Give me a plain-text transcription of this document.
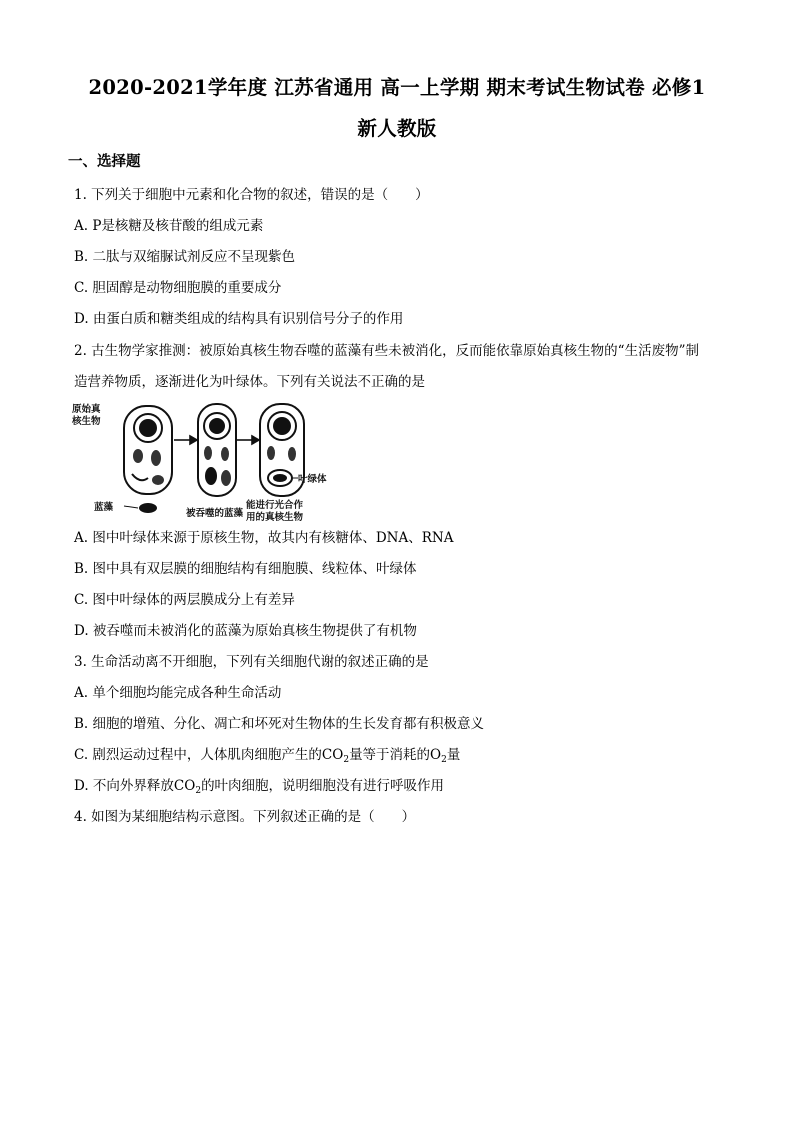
2020-2021学年度 江苏省通用 高一上学期 期末考试生物试卷 必修1
新人教版
一、选择题
1. 下列关于细胞中元素和化合物的叙述，错误的是（　　）
A. P是核糖及核苷酸的组成元素
B. 二肽与双缩脲试剂反应不呈现紫色
C. 胆固醇是动物细胞膜的重要成分
D. 由蛋白质和糖类组成的结构具有识别信号分子的作用
2. 古生物学家推测：被原始真核生物吞噬的蓝藻有些未被消化，反而能依靠原始真核生物的“生活废物”制
造营养物质，逐渐进化为叶绿体。下列有关说法不正确的是
原始真
核生物
蓝藻
被吞噬的蓝藻
叶绿体
能进行光合作
用的真核生物
A. 图中叶绿体来源于原核生物，故其内有核糖体、DNA、RNA
B. 图中具有双层膜的细胞结构有细胞膜、线粒体、叶绿体
C. 图中叶绿体的两层膜成分上有差异
D. 被吞噬而未被消化的蓝藻为原始真核生物提供了有机物
3. 生命活动离不开细胞，下列有关细胞代谢的叙述正确的是
A. 单个细胞均能完成各种生命活动
B. 细胞的增殖、分化、凋亡和坏死对生物体的生长发育都有积极意义
C. 剧烈运动过程中，人体肌肉细胞产生的$CO_2$量等于消耗的$O_2$量
D. 不向外界释放$CO_2$的叶肉细胞，说明细胞没有进行呼吸作用
4. 如图为某细胞结构示意图。下列叙述正确的是（　　）
